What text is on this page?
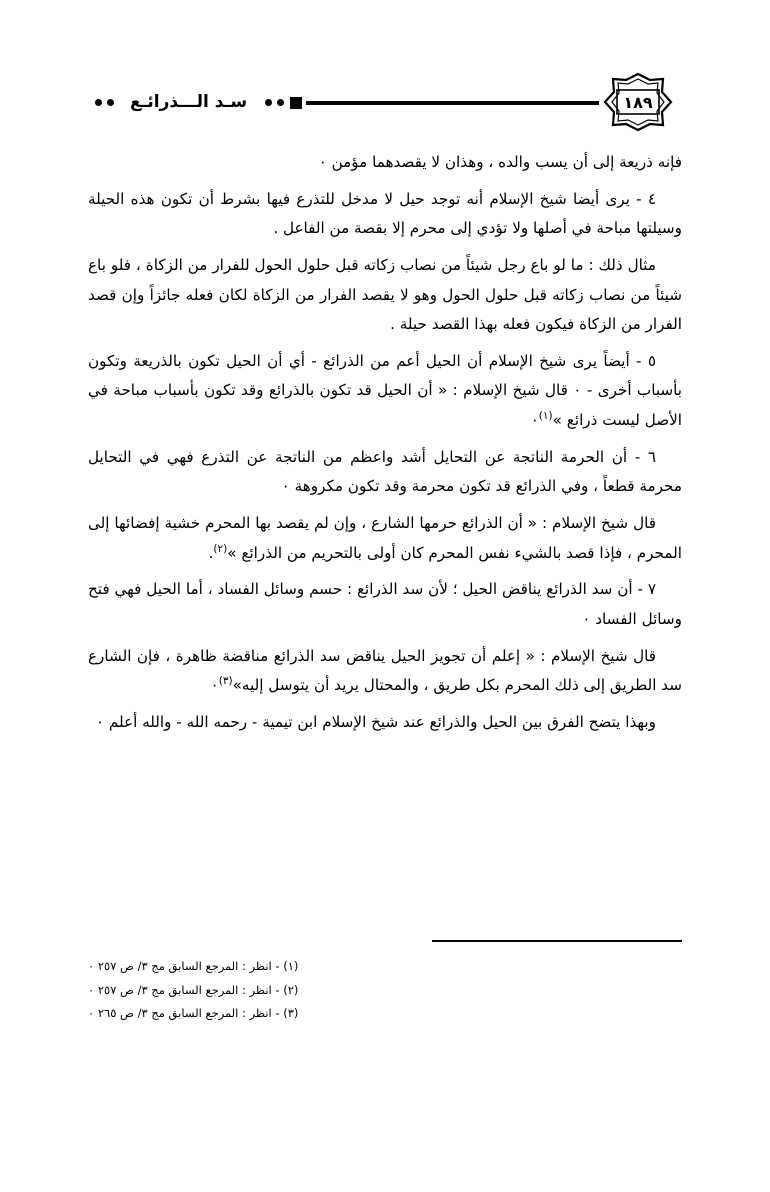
سـد الـــذرائـع	١٨٩

فإنه ذريعة إلى أن يسب والده ، وهذان لا يقصدهما مؤمن ٠

٤ - يرى أيضا شيخ الإسلام أنه توجد حيل لا مدخل للتذرع فيها بشرط أن تكون هذه الحيلة وسيلتها مباحة في أصلها ولا تؤدي إلى محرم إلا بقصة من الفاعل .

مثال ذلك : ما لو باع رجل شيئاً من نصاب زكاته قبل حلول الحول للفرار من الزكاة ، فلو باع شيئاً من نصاب زكاته قبل حلول الحول وهو لا يقصد الفرار من الزكاة لكان فعله جائزاً وإن قصد الفرار من الزكاة فيكون فعله بهذا القصد حيلة .

٥ - أيضاً يرى شيخ الإسلام أن الحيل أعم من الذرائع - أي أن الحيل تكون بالذريعة وتكون بأسباب أخرى - ٠ قال شيخ الإسلام : « أن الحيل قد تكون بالذرائع وقد تكون بأسباب مباحة في الأصل ليست ذرائع »$^{(١)}$٠

٦ - أن الحرمة الناتجة عن التحايل أشد واعظم من الناتجة عن التذرع فهي في التحايل محرمة قطعاً ، وفي الذرائع قد تكون محرمة وقد تكون مكروهة ٠

قال شيخ الإسلام : « أن الذرائع حرمها الشارع ، وإن لم يقصد بها المحرم خشية إفضائها إلى المحرم ، فإذا قصد بالشيء نفس المحرم كان أولى بالتحريم من الذرائع »$^{(٢)}$.

٧ - أن سد الذرائع يناقض الحيل ؛ لأن سد الذرائع : حسم وسائل الفساد ، أما الحيل فهي فتح وسائل الفساد ٠

قال شيخ الإسلام : « إعلم أن تجويز الحيل يناقض سد الذرائع مناقضة ظاهرة ، فإن الشارع سد الطريق إلى ذلك المحرم بكل طريق ، والمحتال يريد أن يتوسل إليه»$^{(٣)}$٠

وبهذا يتضح الفرق بين الحيل والذرائع عند شيخ الإسلام ابن تيمية - رحمه الله - والله أعلم ٠

(١) - انظر : المرجع السابق مج ٣/ ص ٢٥٧ ٠
(٢) - انظر : المرجع السابق مج ٣/ ص ٢٥٧ ٠
(٣) - انظر : المرجع السابق مج ٣/ ص ٢٦٥ ٠
